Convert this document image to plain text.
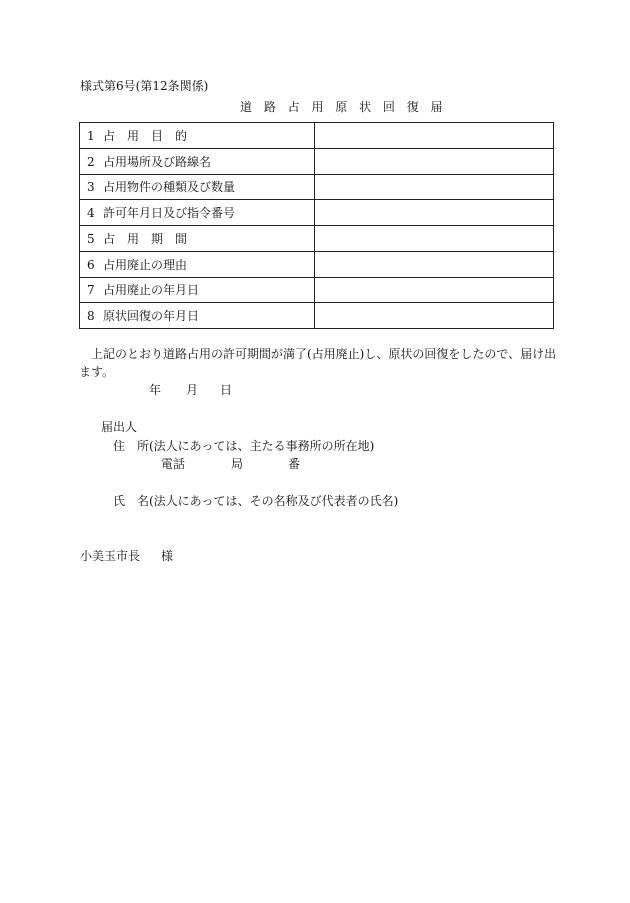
様式第6号(第12条関係)
道 路 占 用 原 状 回 復 届
1 占　用　目　的	
2 占用場所及び路線名	
3 占用物件の種類及び数量	
4 許可年月日及び指令番号	
5 占　用　期　間	
6 占用廃止の理由	
7 占用廃止の年月日	
8 原状回復の年月日	
上記のとおり道路占用の許可期間が満了(占用廃止)し、原状の回復をしたので、届け出
ます。
年 月 日
届出人
住　所(法人にあっては、主たる事務所の所在地)
電話	局	番
氏　名(法人にあっては、その名称及び代表者の氏名)
小美玉市長 様
